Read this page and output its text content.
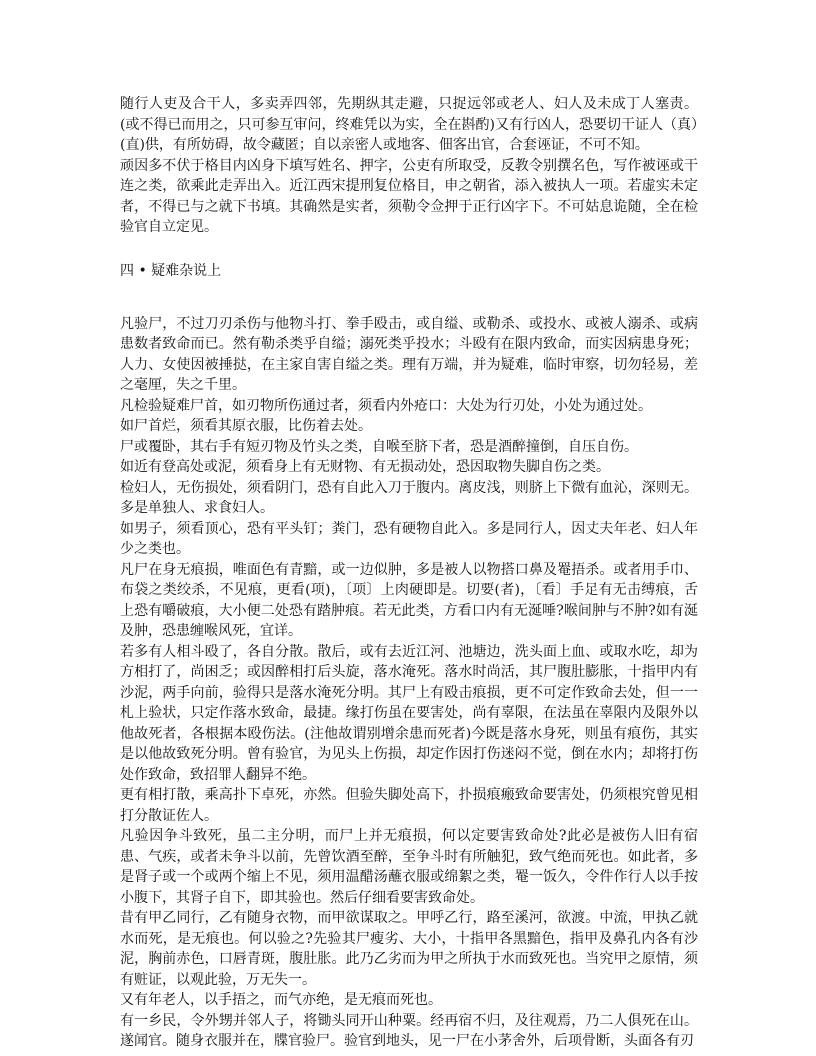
随行人吏及合干人，多卖弄四邻，先期纵其走避，只捉远邻或老人、妇人及未成丁人塞责。(或不得已而用之，只可参互审问，终难凭以为实，全在斟酌)又有行凶人，恐要切干证人（真）(直)供，有所妨碍，故令藏匿；自以亲密人或地客、佃客出官，合套诬证，不可不知。

顽因多不伏于格目内凶身下填写姓名、押字，公吏有所取受，反教令别撰名色，写作被诬或干连之类，欲乘此走弄出入。近江西宋提刑复位格目，申之朝省，添入被执人一项。若虚实未定者，不得已与之就下书填。其确然是实者，须勒令佥押于正行凶字下。不可姑息诡随，全在检验官自立定见。

四 • 疑难杂说上

凡验尸，不过刀刃杀伤与他物斗打、拳手殴击，或自缢、或勒杀、或投水、或被人溺杀、或病患数者致命而已。然有勒杀类乎自缢；溺死类乎投水；斗殴有在限内致命，而实因病患身死；人力、女使因被捶挞，在主家自害自缢之类。理有万端，并为疑难，临时审察，切勿轻易，差之毫厘，失之千里。

凡检验疑难尸首，如刃物所伤通过者，须看内外疮口：大处为行刃处，小处为通过处。

如尸首烂，须看其原衣服，比伤着去处。

尸或覆卧，其右手有短刃物及竹头之类，自喉至脐下者，恐是酒醉撞倒，自压自伤。

如近有登高处或泥，须看身上有无财物、有无损动处，恐因取物失脚自伤之类。

检妇人，无伤损处，须看阴门，恐有自此入刀于腹内。离皮浅，则脐上下微有血沁，深则无。多是单独人、求食妇人。

如男子，须看顶心，恐有平头钉；粪门，恐有硬物自此入。多是同行人，因丈夫年老、妇人年少之类也。

凡尸在身无痕损，唯面色有青黯，或一边似肿，多是被人以物搭口鼻及罨捂杀。或者用手巾、布袋之类绞杀，不见痕，更看(项)，〔项〕上肉硬即是。切要(者)，〔看〕手足有无击缚痕，舌上恐有嚼破痕，大小便二处恐有踏肿痕。若无此类，方看口内有无涎唾?喉间肿与不肿?如有涎及肿，恐患缠喉风死，宜详。

若多有人相斗殴了，各自分散。散后，或有去近江河、池塘边，洗头面上血、或取水吃，却为方相打了，尚困乏；或因醉相打后头旋，落水淹死。落水时尚活，其尸腹肚膨胀，十指甲内有沙泥，两手向前，验得只是落水淹死分明。其尸上有殴击痕损，更不可定作致命去处，但一一札上验状，只定作落水致命，最捷。缘打伤虽在要害处，尚有辜限，在法虽在辜限内及限外以他故死者，各根据本殴伤法。(注他故谓别增余患而死者)今既是落水身死，则虽有痕伤，其实是以他故致死分明。曾有验官，为见头上伤损，却定作因打伤迷闷不觉，倒在水内；却将打伤处作致命，致招罪人翻异不绝。

更有相打散，乘高扑下卓死，亦然。但验失脚处高下，扑损痕瘢致命要害处，仍须根究曾见相打分散证佐人。

凡验因争斗致死，虽二主分明，而尸上并无痕损，何以定要害致命处?此必是被伤人旧有宿患、气疾，或者未争斗以前，先曾饮酒至醉，至争斗时有所触犯，致气绝而死也。如此者，多是肾子或一个或两个缩上不见，须用温醋汤蘸衣服或绵絮之类，罨一饭久，令件作行人以手按小腹下，其肾子自下，即其验也。然后仔细看要害致命处。

昔有甲乙同行，乙有随身衣物，而甲欲谋取之。甲呼乙行，路至溪河，欲渡。中流，甲执乙就水而死，是无痕也。何以验之?先验其尸瘦劣、大小，十指甲各黑黯色，指甲及鼻孔内各有沙泥，胸前赤色，口唇青斑，腹肚胀。此乃乙劣而为甲之所执于水而致死也。当究甲之原情，须有赃证，以观此验，万无失一。

又有年老人，以手捂之，而气亦绝，是无痕而死也。

有一乡民，令外甥并邻人子，将锄头同开山种粟。经再宿不归，及往观焉，乃二人俱死在山。遂闻官。随身衣服并在，牒官验尸。验官到地头，见一尸在小茅舍外，后项骨断，头面各有刃
